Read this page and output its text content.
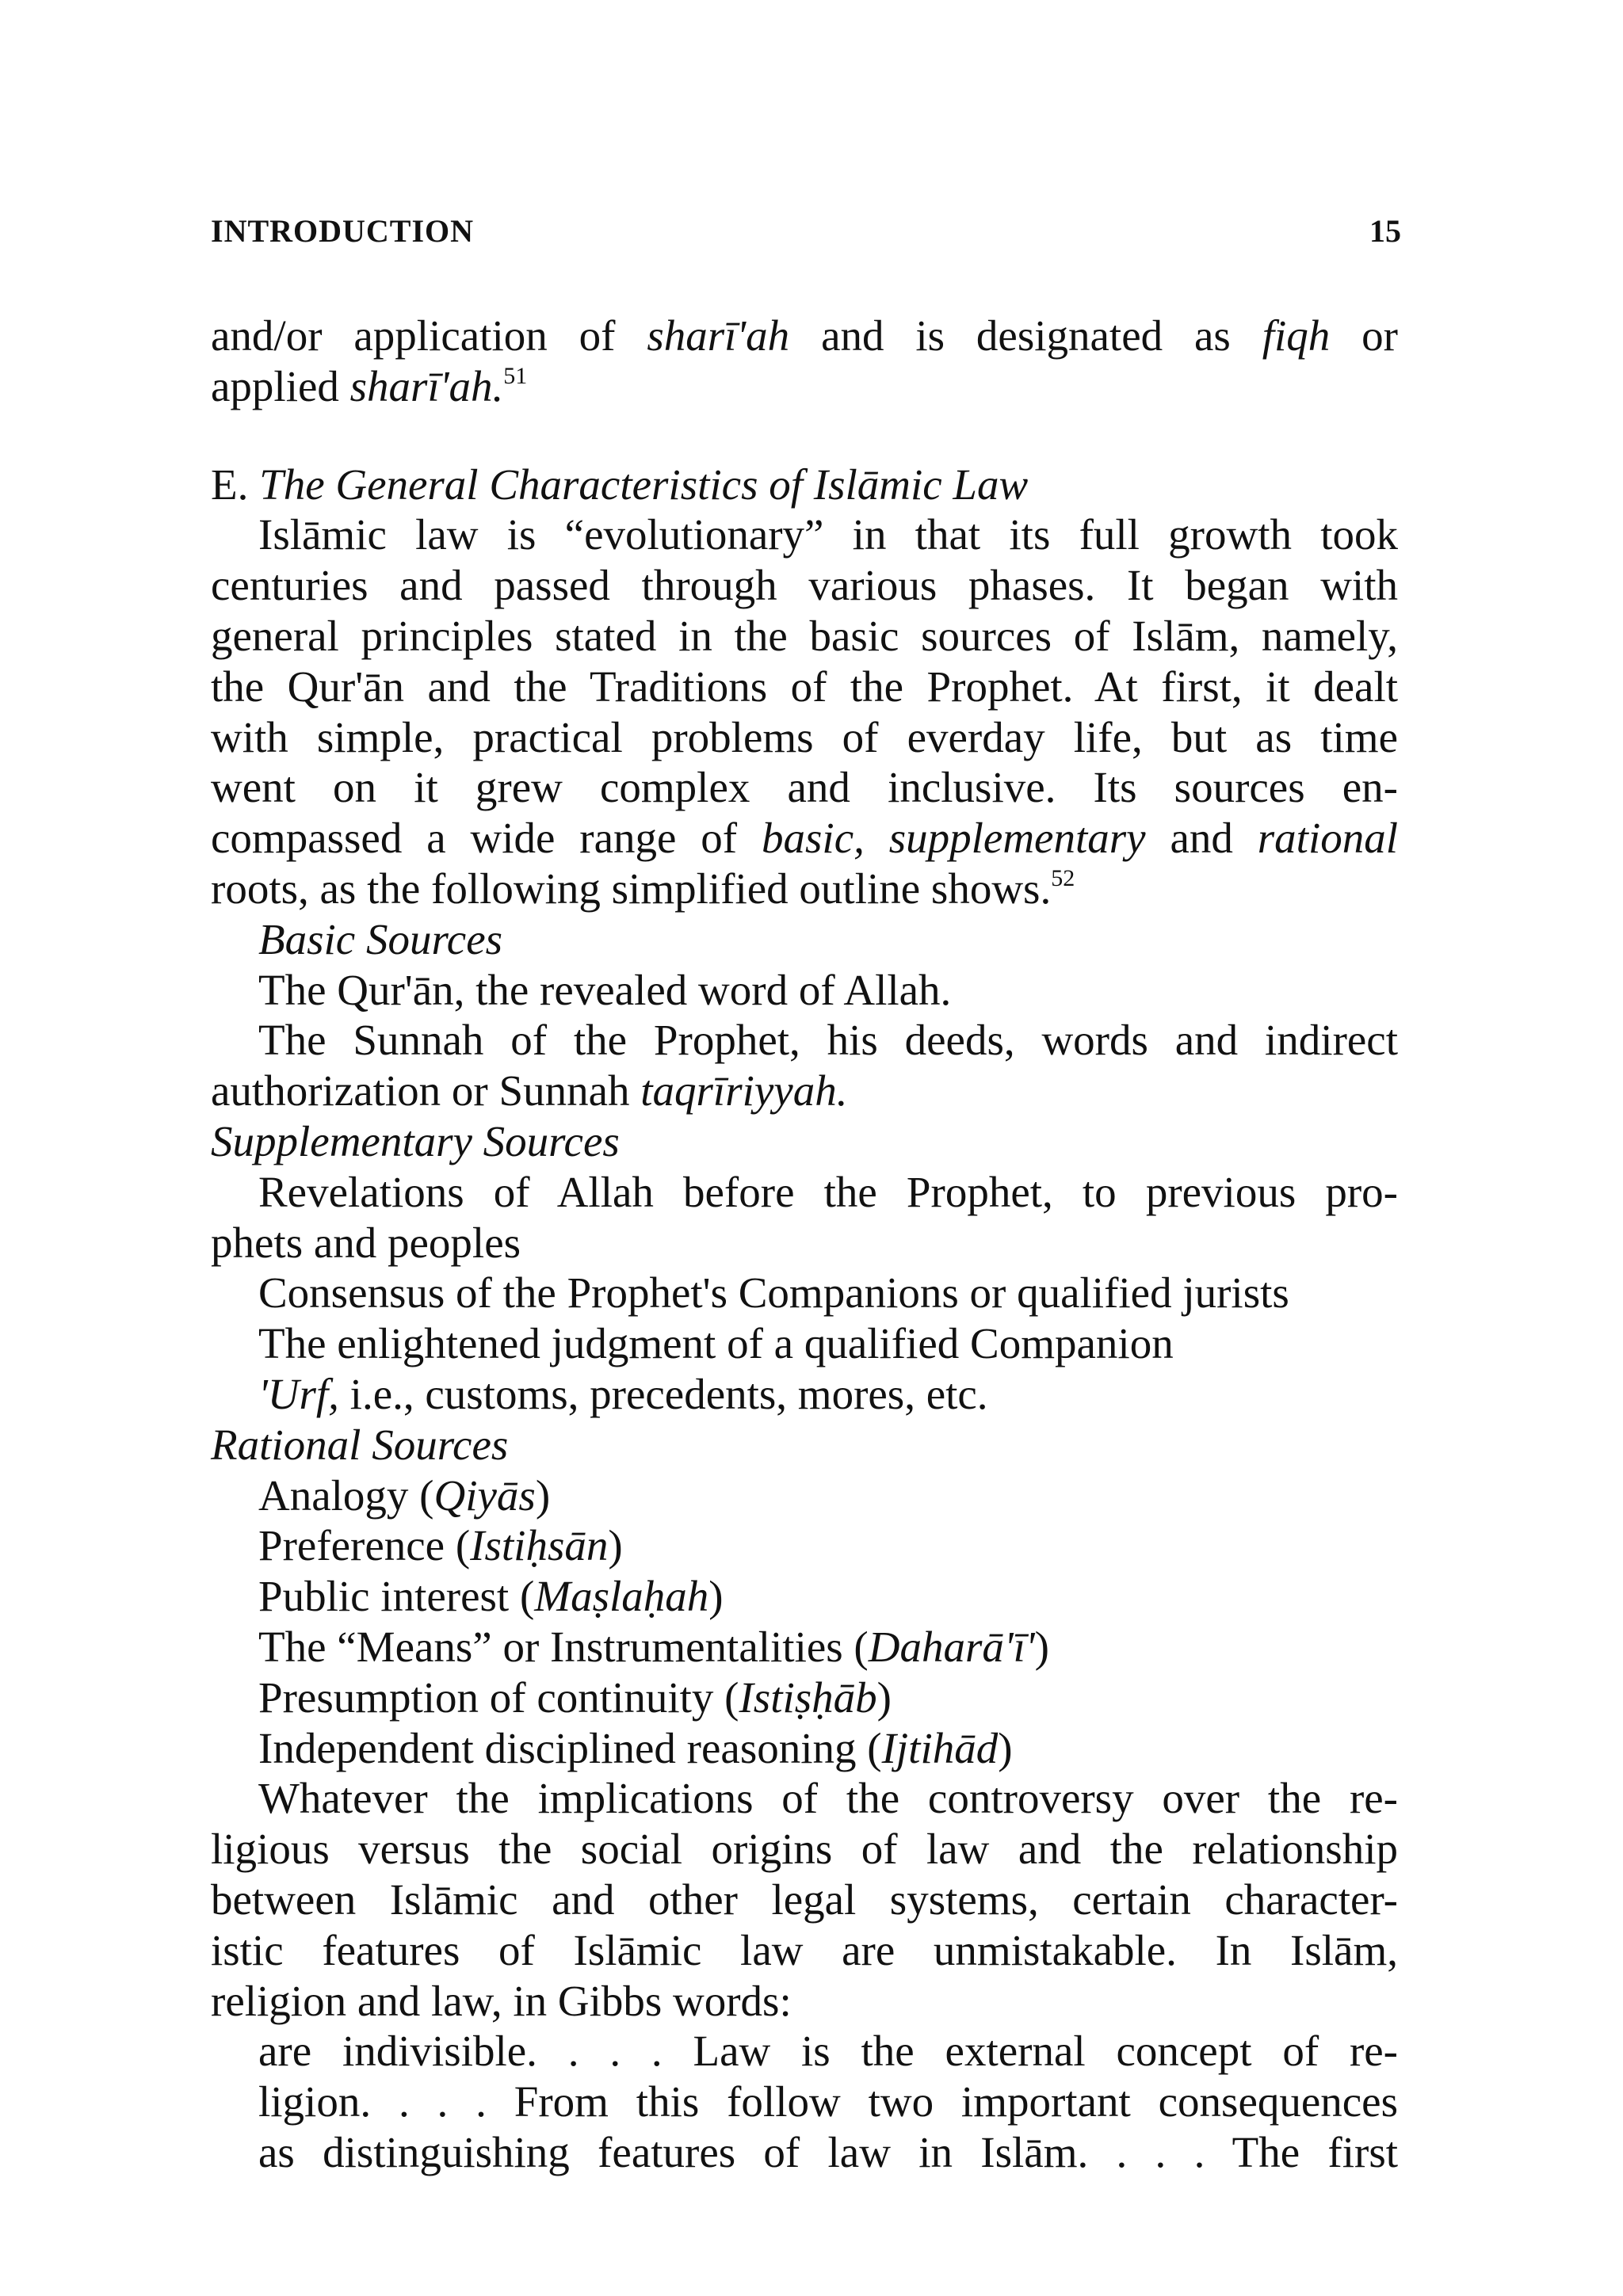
INTRODUCTION	15
and/or application of sharī'ah and is designated as fiqh or
applied sharī'ah.$^{51}$
E. The General Characteristics of Islāmic Law
Islāmic law is “evolutionary” in that its full growth took
centuries and passed through various phases. It began with
general principles stated in the basic sources of Islām, namely,
the Qur'ān and the Traditions of the Prophet. At first, it dealt
with simple, practical problems of everday life, but as time
went on it grew complex and inclusive. Its sources en-
compassed a wide range of basic, supplementary and rational
roots, as the following simplified outline shows.$^{52}$
Basic Sources
The Qur'ān, the revealed word of Allah.
The Sunnah of the Prophet, his deeds, words and indirect
authorization or Sunnah taqrīriyyah.
Supplementary Sources
Revelations of Allah before the Prophet, to previous pro-
phets and peoples
Consensus of the Prophet's Companions or qualified jurists
The enlightened judgment of a qualified Companion
'Urf, i.e., customs, precedents, mores, etc.
Rational Sources
Analogy (Qiyās)
Preference (Istiḥsān)
Public interest (Maṣlaḥah)
The “Means” or Instrumentalities (Daharā'ī')
Presumption of continuity (Istiṣḥāb)
Independent disciplined reasoning (Ijtihād)
Whatever the implications of the controversy over the re-
ligious versus the social origins of law and the relationship
between Islāmic and other legal systems, certain character-
istic features of Islāmic law are unmistakable. In Islām,
religion and law, in Gibbs words:
are indivisible. . . . Law is the external concept of re-
ligion. . . . From this follow two important consequences
as distinguishing features of law in Islām. . . . The first
